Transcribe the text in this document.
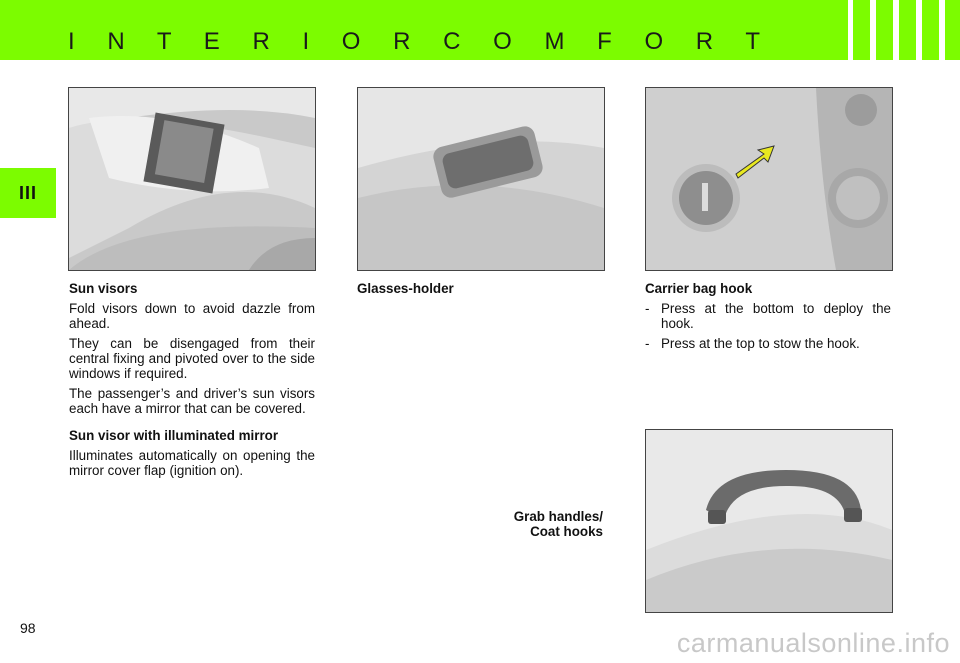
I N T E R I O R C O M F O R T
III
Sun visors

Fold visors down to avoid dazzle from ahead.

They can be disengaged from their central fixing and pivoted over to the side windows if required.

The passenger’s and driver’s sun visors each have a mirror that can be covered.

Sun visor with illuminated mirror

Illuminates automatically on opening the mirror cover flap (ignition on).

Glasses-holder
Grab handles/
Coat hooks
Carrier bag hook
- Press at the bottom to deploy the hook.
- Press at the top to stow the hook.
98	carmanualsonline.info
